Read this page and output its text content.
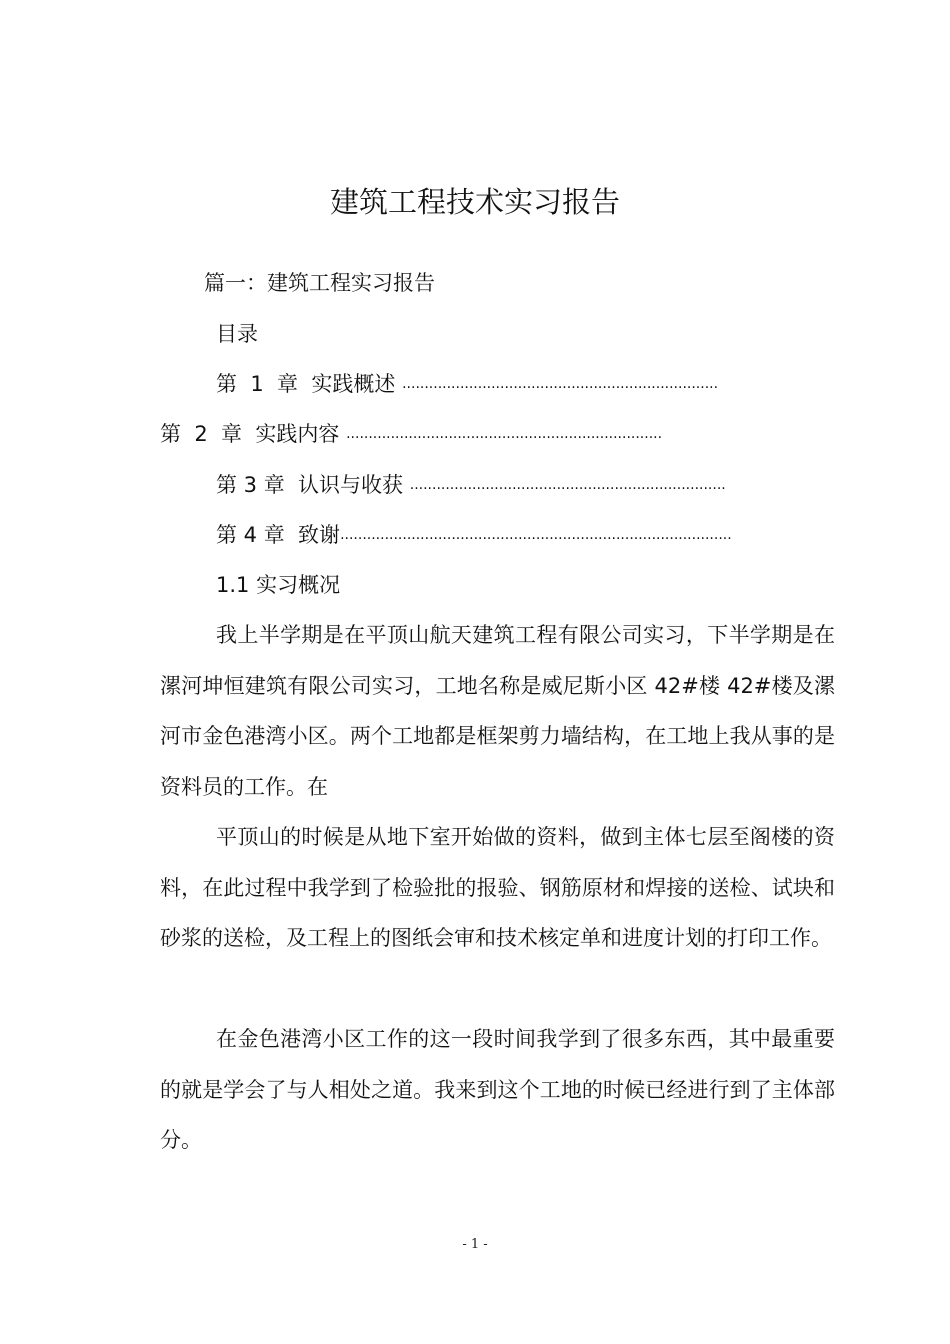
建筑工程技术实习报告
篇一：建筑工程实习报告
目录
第  1  章  实践概述 .......................................................................
第  2  章  实践内容 .......................................................................
第 3 章  认识与收获 .......................................................................
第 4 章  致谢........................................................................................
1.1 实习概况

我上半学期是在平顶山航天建筑工程有限公司实习，下半学期是在漯河坤恒建筑有限公司实习，工地名称是威尼斯小区 42#楼 42#楼及漯河市金色港湾小区。两个工地都是框架剪力墙结构，在工地上我从事的是资料员的工作。在

平顶山的时候是从地下室开始做的资料，做到主体七层至阁楼的资料，在此过程中我学到了检验批的报验、钢筋原材和焊接的送检、试块和砂浆的送检，及工程上的图纸会审和技术核定单和进度计划的打印工作。

在金色港湾小区工作的这一段时间我学到了很多东西，其中最重要的就是学会了与人相处之道。我来到这个工地的时候已经进行到了主体部分。

- 1 -
